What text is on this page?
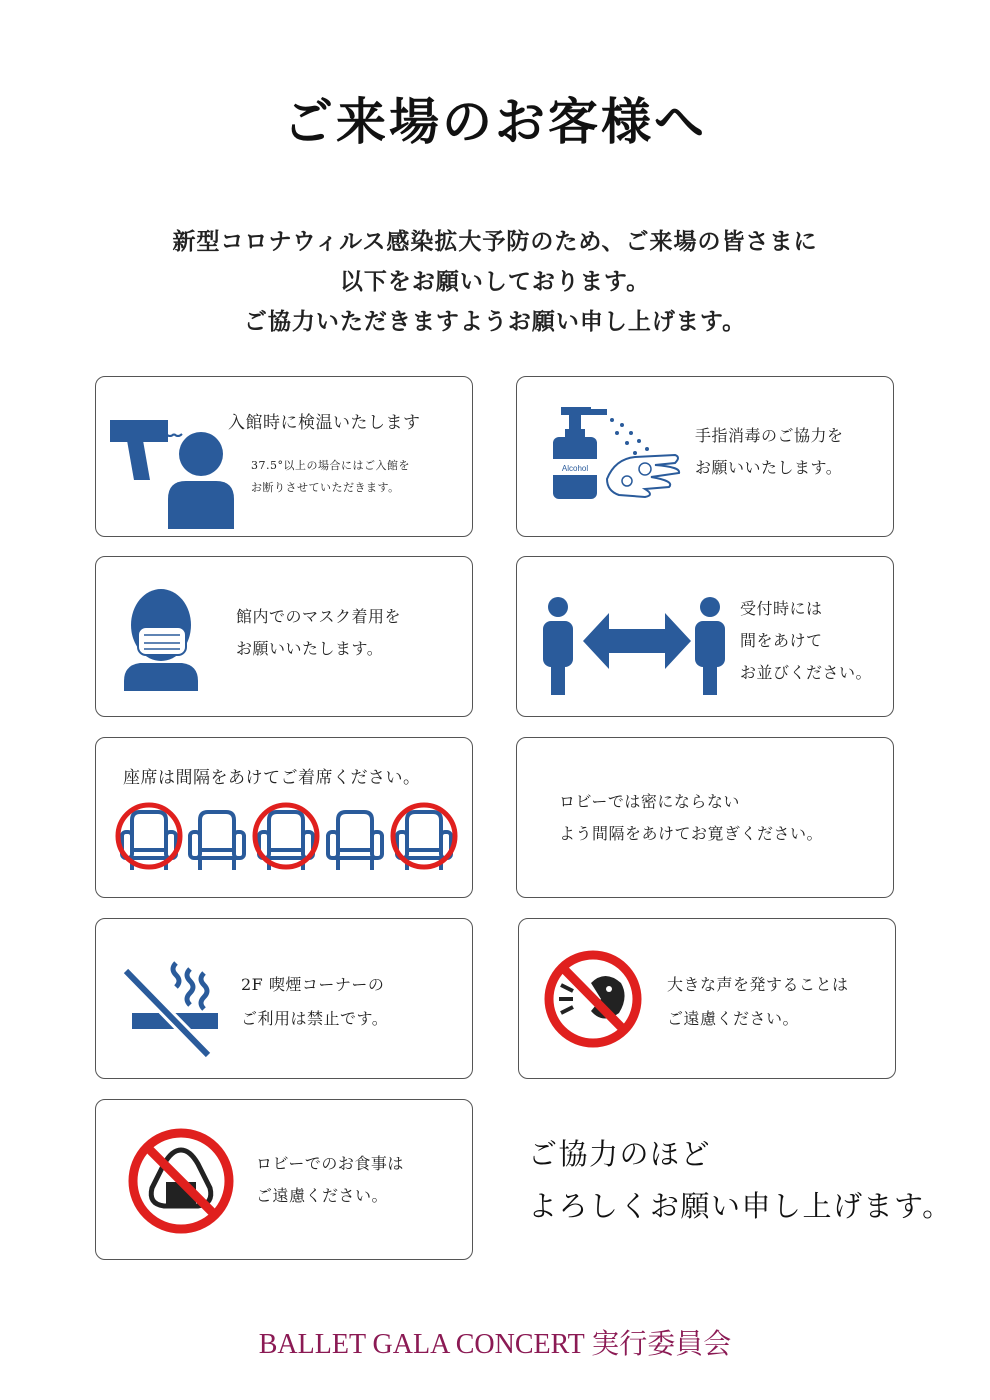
ご来場のお客様へ
新型コロナウィルス感染拡大予防のため、ご来場の皆さまに
以下をお願いしております。
ご協力いただきますようお願い申し上げます。
入館時に検温いたします
37.5°以上の場合にはご入館を
お断りさせていただきます。
Alcohol
手指消毒のご協力を
お願いいたします。
館内でのマスク着用を
お願いいたします。
受付時には
間をあけて
お並びください。
座席は間隔をあけてご着席ください。
ロビーでは密にならない
よう間隔をあけてお寛ぎください。
2F 喫煙コーナーの
ご利用は禁止です。
大きな声を発することは
ご遠慮ください。
ロビーでのお食事は
ご遠慮ください。
ご協力のほど
よろしくお願い申し上げます。
BALLET GALA CONCERT 実行委員会
